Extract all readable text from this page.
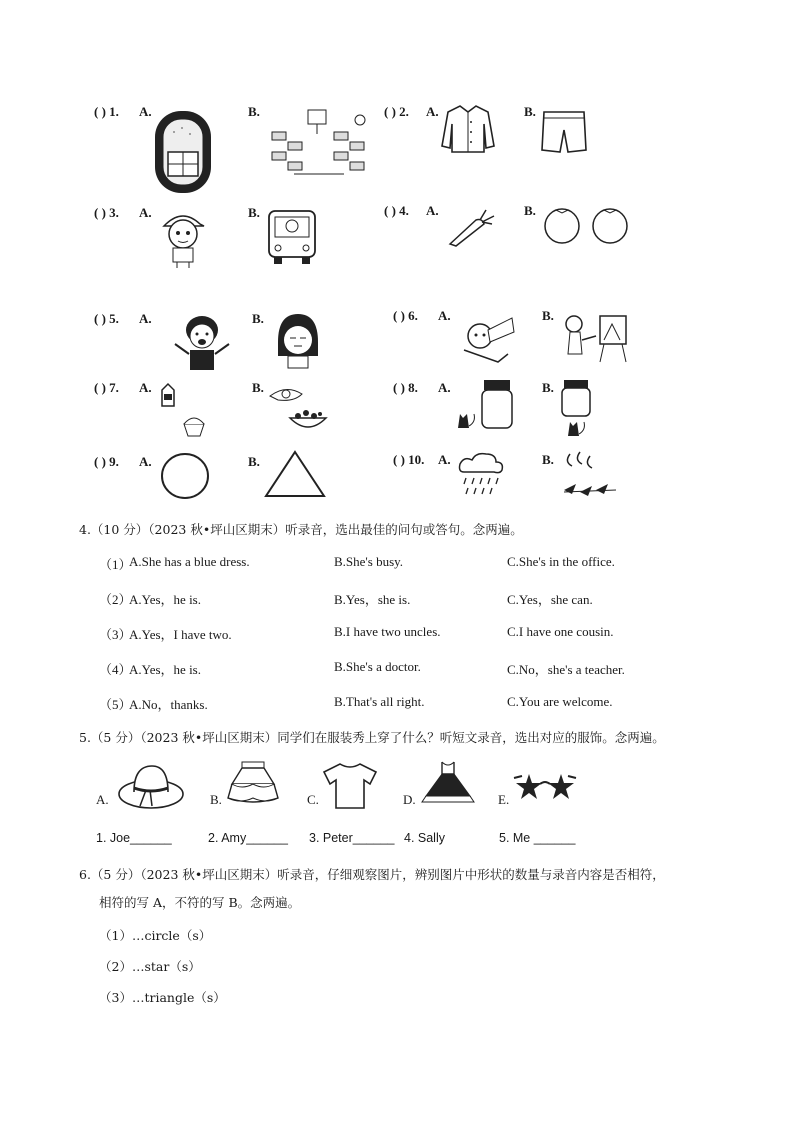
( ) 1. A.	B.	( ) 2. A.	B.
( ) 3. A.	B.	( ) 4. A.	B.
( ) 5. A.	B.	( ) 6. A.	B.
( ) 7. A.	B.	( ) 8. A.	B.
( ) 9. A.	B.	( ) 10. A.	B.
4.（10 分）（2023 秋•坪山区期末）听录音，选出最佳的问句或答句。念两遍。
（1）
A.She has a blue dress.	B.She's busy.	C.She's in the office.
（2）
A.Yes，he is.	B.Yes，she is.	C.Yes，she can.
（3）
A.Yes，I have two.	B.I have two uncles.	C.I have one cousin.
（4）
A.Yes，he is.	B.She's a doctor.	C.No，she's a teacher.
（5）
A.No，thanks.	B.That's all right.	C.You are welcome.
5.（5 分）（2023 秋•坪山区期末）同学们在服装秀上穿了什么？听短文录音，选出对应的服饰。念两遍。
A.	B.	C.	D.	E.
1. Joe______	2. Amy______ 3. Peter______ 4. Sally	5. Me ______
6.（5 分）（2023 秋•坪山区期末）听录音，仔细观察图片，辨别图片中形状的数量与录音内容是否相符，
相符的写 A，不符的写 B。念两遍。
（1）…circle（s）
（2）…star（s）
（3）…triangle（s）
